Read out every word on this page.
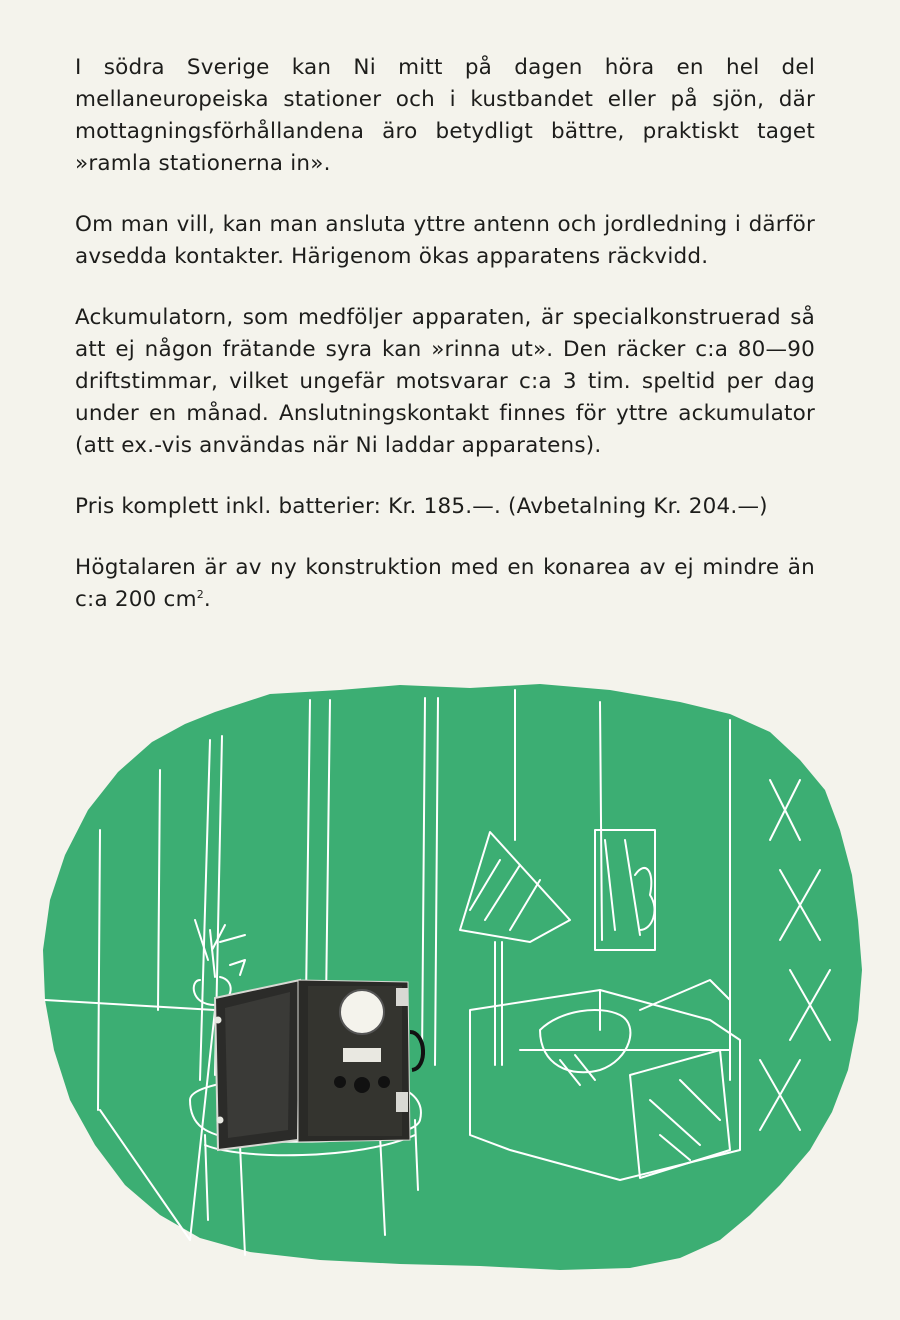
I södra Sverige kan Ni mitt på dagen höra en hel del mellaneuropeiska stationer och i kustbandet eller på sjön, där mottagningsförhållandena äro betydligt bättre, praktiskt taget »ramla stationerna in».

Om man vill, kan man ansluta yttre antenn och jordledning i därför avsedda kontakter. Härigenom ökas apparatens räckvidd.

Ackumulatorn, som medföljer apparaten, är specialkonstruerad så att ej någon frätande syra kan »rinna ut». Den räcker c:a 80—90 driftstimmar, vilket ungefär motsvarar c:a 3 tim. speltid per dag under en månad. Anslutningskontakt finnes för yttre ackumulator (att ex.-vis användas när Ni laddar apparatens).

Pris komplett inkl. batterier: Kr. 185.—. (Avbetalning Kr. 204.—)

Högtalaren är av ny konstruktion med en konarea av ej mindre än c:a 200 $cm^2$.
